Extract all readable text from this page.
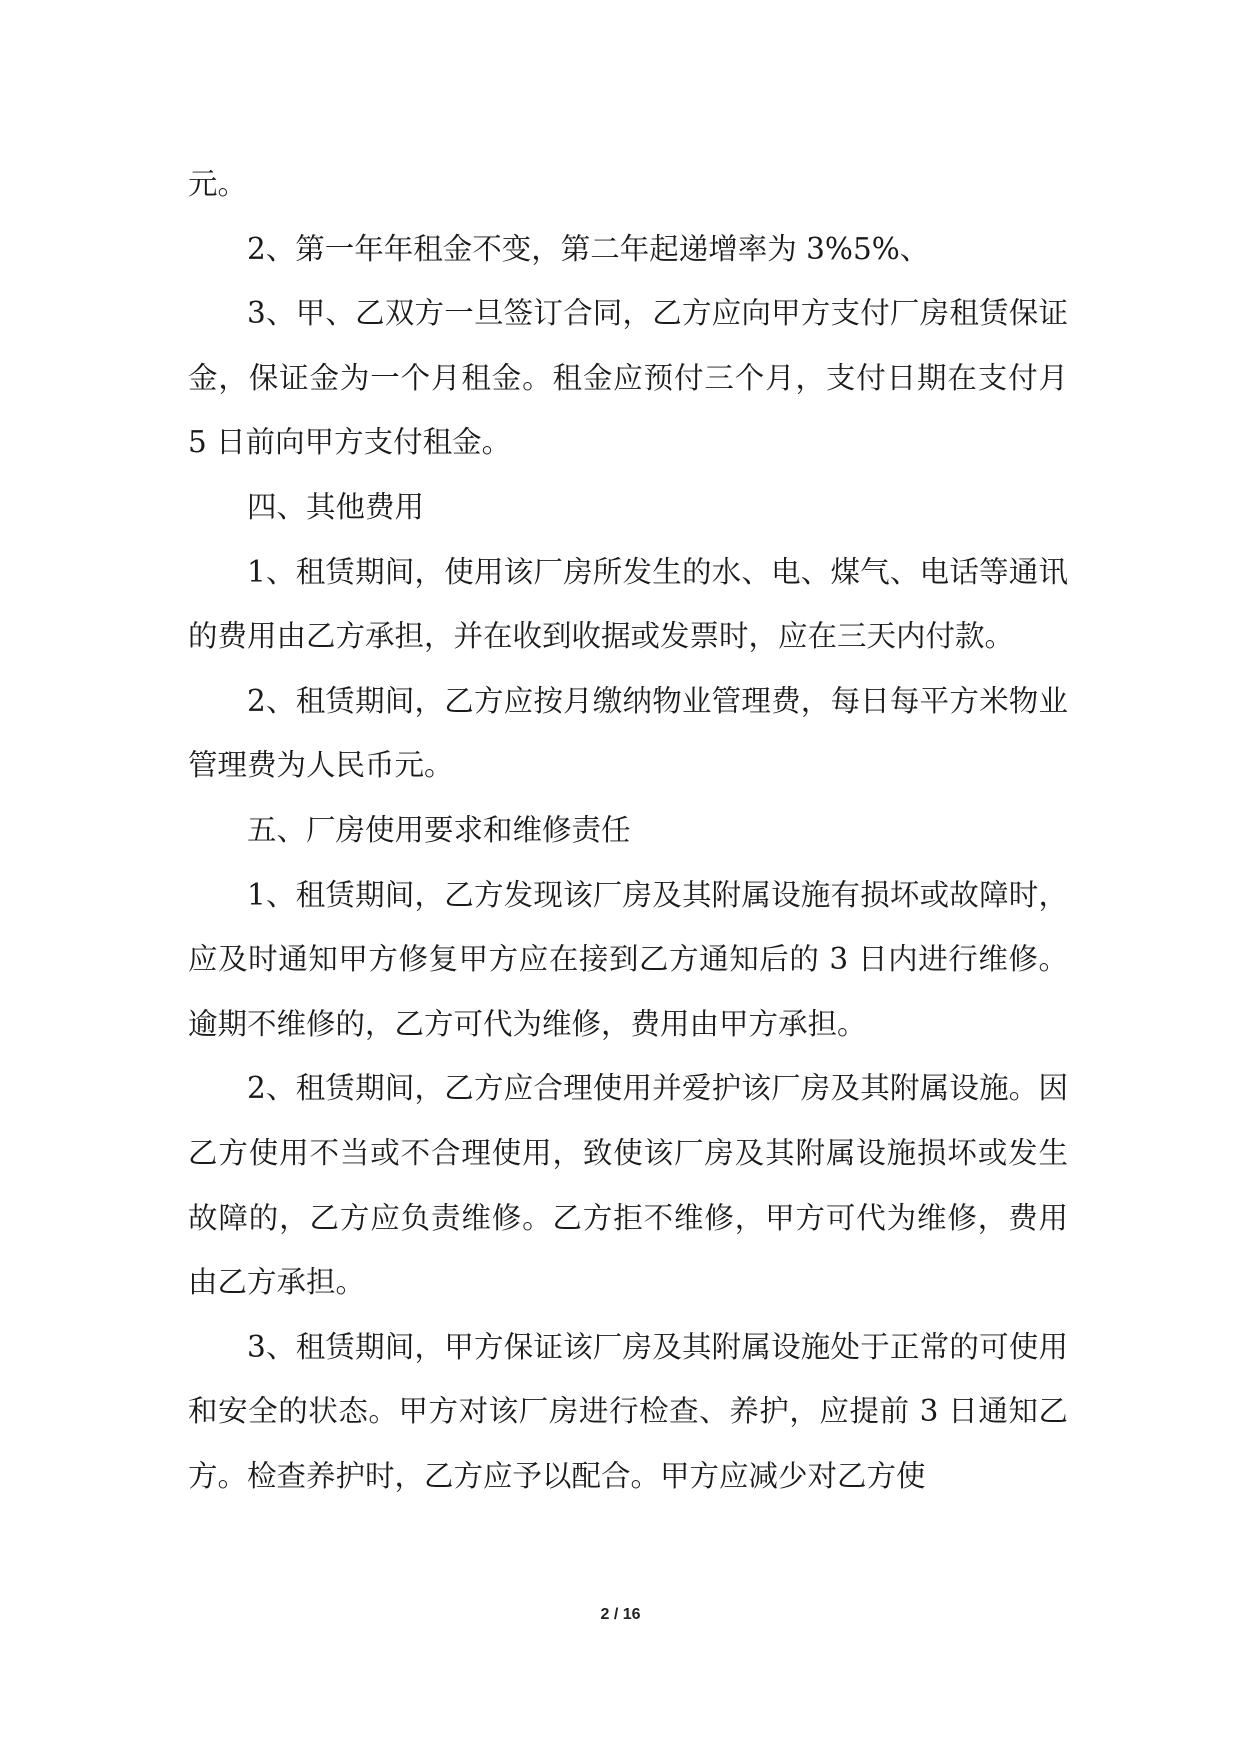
元。

2、第一年年租金不变，第二年起递增率为 3%5%、

3、甲、乙双方一旦签订合同，乙方应向甲方支付厂房租赁保证金，保证金为一个月租金。租金应预付三个月，支付日期在支付月 5 日前向甲方支付租金。

四、其他费用

1、租赁期间，使用该厂房所发生的水、电、煤气、电话等通讯的费用由乙方承担，并在收到收据或发票时，应在三天内付款。

2、租赁期间，乙方应按月缴纳物业管理费，每日每平方米物业管理费为人民币元。

五、厂房使用要求和维修责任

1、租赁期间，乙方发现该厂房及其附属设施有损坏或故障时，应及时通知甲方修复甲方应在接到乙方通知后的 3 日内进行维修。逾期不维修的，乙方可代为维修，费用由甲方承担。

2、租赁期间，乙方应合理使用并爱护该厂房及其附属设施。因乙方使用不当或不合理使用，致使该厂房及其附属设施损坏或发生故障的，乙方应负责维修。乙方拒不维修，甲方可代为维修，费用由乙方承担。

3、租赁期间，甲方保证该厂房及其附属设施处于正常的可使用和安全的状态。甲方对该厂房进行检查、养护，应提前 3 日通知乙方。检查养护时，乙方应予以配合。甲方应减少对乙方使

2 / 16
